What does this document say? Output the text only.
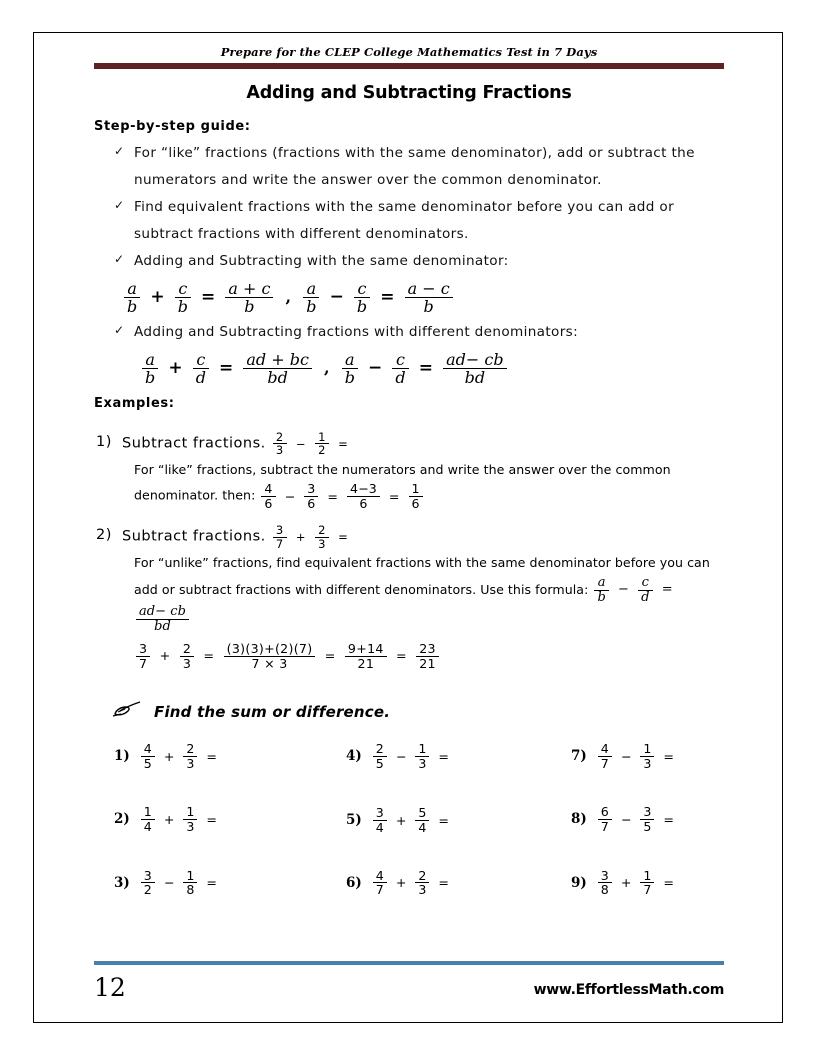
Prepare for the CLEP College Mathematics Test in 7 Days
Adding and Subtracting Fractions
Step-by-step guide:
✓ For “like” fractions (fractions with the same denominator), add or subtract the numerators and write the answer over the common denominator.
✓ Find equivalent fractions with the same denominator before you can add or subtract fractions with different denominators.
✓ Adding and Subtracting with the same denominator:
$\frac{a}{b} + \frac{c}{b} = \frac{a + c}{b}$ , $\frac{a}{b} - \frac{c}{b} = \frac{a - c}{b}$
✓ Adding and Subtracting fractions with different denominators:
$\frac{a}{b} + \frac{c}{d} = \frac{ad + bc}{bd}$ , $\frac{a}{b} - \frac{c}{d} = \frac{ad- cb}{bd}$
Examples:
1) Subtract fractions. $\frac{2}{3} - \frac{1}{2}$ =
For “like” fractions, subtract the numerators and write the answer over the common
denominator. then: $\frac{4}{6} - \frac{3}{6} = \frac{4-3}{6} = \frac{1}{6}$
2) Subtract fractions. $\frac{3}{7} + \frac{2}{3}$ =
For “unlike” fractions, find equivalent fractions with the same denominator before you can
add or subtract fractions with different denominators. Use this formula: $\frac{a}{b} - \frac{c}{d}$ =
$\frac{ad- cb}{bd}$
$\frac{3}{7} + \frac{2}{3} = \frac{(3)(3)+(2)(7)}{7 \times 3} = \frac{9+14}{21} = \frac{23}{21}$
Find the sum or difference.
$1) \frac{4}{5} + \frac{2}{3}$ =	$4) \frac{2}{5} - \frac{1}{3}$ =	$7) \frac{4}{7} - \frac{1}{3}$ =
$2) \frac{1}{4} + \frac{1}{3}$ =	$5) \frac{3}{4} + \frac{5}{4}$ =	$8) \frac{6}{7} - \frac{3}{5}$ =
$3) \frac{3}{2} - \frac{1}{8}$ =	$6) \frac{4}{7} + \frac{2}{3}$ =	$9) \frac{3}{8} + \frac{1}{7}$ =
12	www.EffortlessMath.com
